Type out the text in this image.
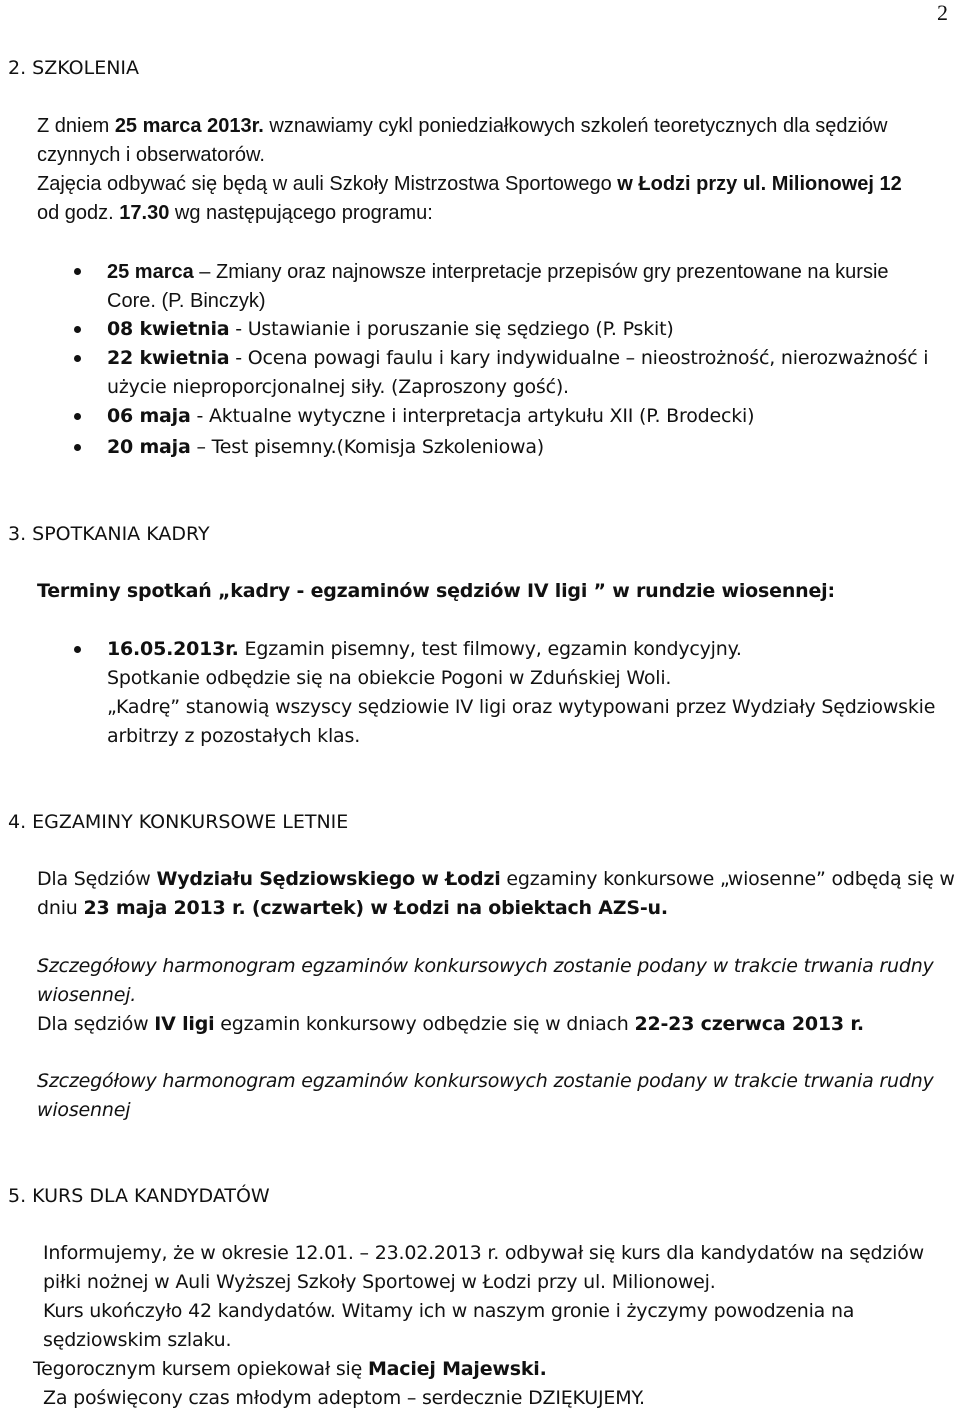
2
2. SZKOLENIA
Z dniem 25 marca 2013r. wznawiamy cykl poniedziałkowych szkoleń teoretycznych dla sędziów
czynnych i obserwatorów.
Zajęcia odbywać się będą w auli Szkoły Mistrzostwa Sportowego w Łodzi przy ul. Milionowej 12
od godz. 17.30 wg następującego programu:
25 marca – Zmiany oraz najnowsze interpretacje przepisów gry prezentowane na kursie
Core. (P. Binczyk)
08 kwietnia - Ustawianie i poruszanie się sędziego (P. Pskit)
22 kwietnia - Ocena powagi faulu i kary indywidualne – nieostrożność, nierozważność i
użycie nieproporcjonalnej siły. (Zaproszony gość).
06 maja - Aktualne wytyczne i interpretacja artykułu XII (P. Brodecki)
20 maja – Test pisemny.(Komisja Szkoleniowa)
3. SPOTKANIA KADRY
Terminy spotkań „kadry - egzaminów sędziów IV ligi ” w rundzie wiosennej:
16.05.2013r. Egzamin pisemny, test filmowy, egzamin kondycyjny.
Spotkanie odbędzie się na obiekcie Pogoni w Zduńskiej Woli.
„Kadrę” stanowią wszyscy sędziowie IV ligi oraz wytypowani przez Wydziały Sędziowskie
arbitrzy z pozostałych klas.
4. EGZAMINY KONKURSOWE LETNIE
Dla Sędziów Wydziału Sędziowskiego w Łodzi egzaminy konkursowe „wiosenne” odbędą się w
dniu 23 maja 2013 r. (czwartek) w Łodzi na obiektach AZS-u.
Szczegółowy harmonogram egzaminów konkursowych zostanie podany w trakcie trwania rudny
wiosennej.
Dla sędziów IV ligi egzamin konkursowy odbędzie się w dniach 22-23 czerwca 2013 r.
Szczegółowy harmonogram egzaminów konkursowych zostanie podany w trakcie trwania rudny
wiosennej
5. KURS DLA KANDYDATÓW
Informujemy, że w okresie 12.01. – 23.02.2013 r. odbywał się kurs dla kandydatów na sędziów
piłki nożnej w Auli Wyższej Szkoły Sportowej w Łodzi przy ul. Milionowej.
Kurs ukończyło 42 kandydatów. Witamy ich w naszym gronie i życzymy powodzenia na
sędziowskim szlaku.
Tegorocznym kursem opiekował się Maciej Majewski.
Za poświęcony czas młodym adeptom – serdecznie DZIĘKUJEMY.
